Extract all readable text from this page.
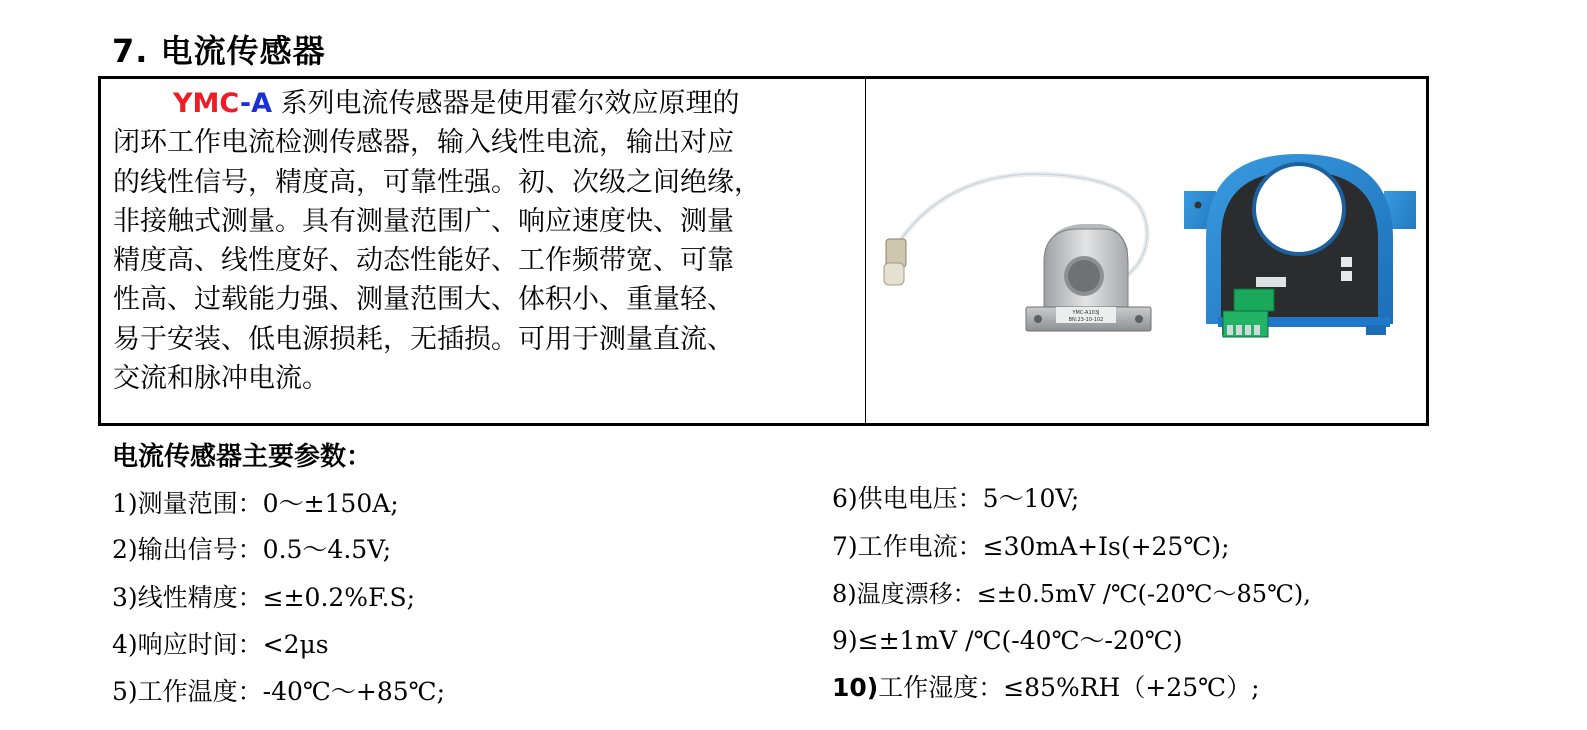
7. 电流传感器
YMC-A 系列电流传感器是使用霍尔效应原理的
闭环工作电流检测传感器，输入线性电流，输出对应
的线性信号，精度高，可靠性强。初、次级之间绝缘，
非接触式测量。具有测量范围广、响应速度快、测量
精度高、线性度好、动态性能好、工作频带宽、可靠
性高、过载能力强、测量范围大、体积小、重量轻、
易于安装、低电源损耗，无插损。可用于测量直流、
交流和脉冲电流。
YMC-A103J
BN:23-10-102
电流传感器主要参数：
1)测量范围：0～±150A;
2)输出信号：0.5～4.5V;
3)线性精度：≤±0.2%F.S;
4)响应时间：<2μs
5)工作温度：-40℃～+85℃;
6)供电电压：5～10V;
7)工作电流：≤30mA+Is(+25℃);
8)温度漂移：≤±0.5mV /℃(-20℃～85℃),
9)≤±1mV /℃(-40℃～-20℃)
10)工作湿度：≤85%RH（+25℃）;
